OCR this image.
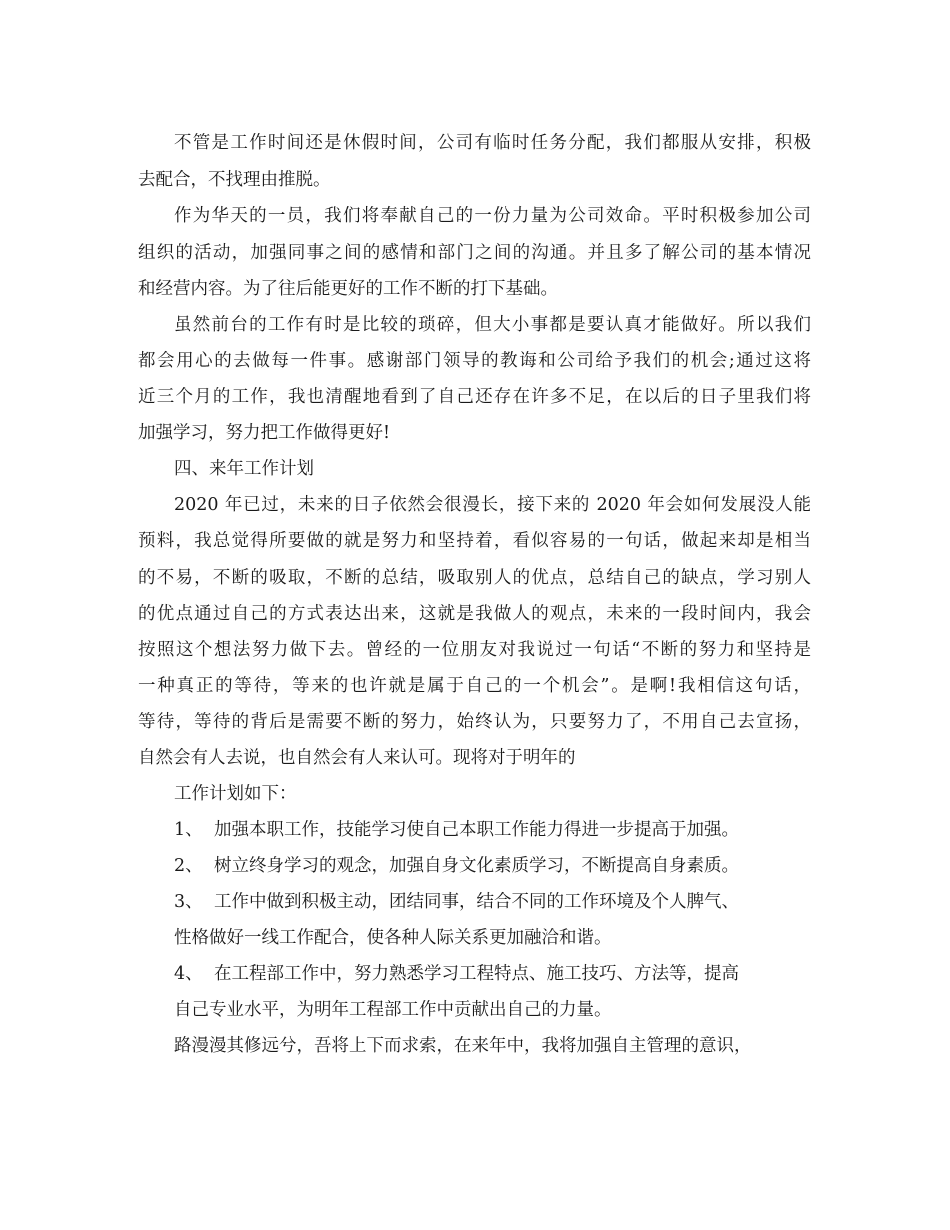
不管是工作时间还是休假时间，公司有临时任务分配，我们都服从安排，积极
去配合，不找理由推脱。
作为华天的一员，我们将奉献自己的一份力量为公司效命。平时积极参加公司
组织的活动，加强同事之间的感情和部门之间的沟通。并且多了解公司的基本情况
和经营内容。为了往后能更好的工作不断的打下基础。
虽然前台的工作有时是比较的琐碎，但大小事都是要认真才能做好。所以我们
都会用心的去做每一件事。感谢部门领导的教诲和公司给予我们的机会;通过这将
近三个月的工作，我也清醒地看到了自己还存在许多不足，在以后的日子里我们将
加强学习，努力把工作做得更好!
四、来年工作计划
2020 年已过，未来的日子依然会很漫长，接下来的 2020 年会如何发展没人能
预料，我总觉得所要做的就是努力和坚持着，看似容易的一句话，做起来却是相当
的不易，不断的吸取，不断的总结，吸取别人的优点，总结自己的缺点，学习别人
的优点通过自己的方式表达出来，这就是我做人的观点，未来的一段时间内，我会
按照这个想法努力做下去。曾经的一位朋友对我说过一句话“不断的努力和坚持是
一种真正的等待，等来的也许就是属于自己的一个机会”。是啊!我相信这句话，
等待，等待的背后是需要不断的努力，始终认为，只要努力了，不用自己去宣扬，
自然会有人去说，也自然会有人来认可。现将对于明年的
工作计划如下：
1、 加强本职工作，技能学习使自己本职工作能力得进一步提高于加强。
2、 树立终身学习的观念，加强自身文化素质学习，不断提高自身素质。
3、 工作中做到积极主动，团结同事，结合不同的工作环境及个人脾气、
性格做好一线工作配合，使各种人际关系更加融洽和谐。
4、 在工程部工作中，努力熟悉学习工程特点、施工技巧、方法等，提高
自己专业水平，为明年工程部工作中贡献出自己的力量。
路漫漫其修远兮，吾将上下而求索，在来年中，我将加强自主管理的意识，
